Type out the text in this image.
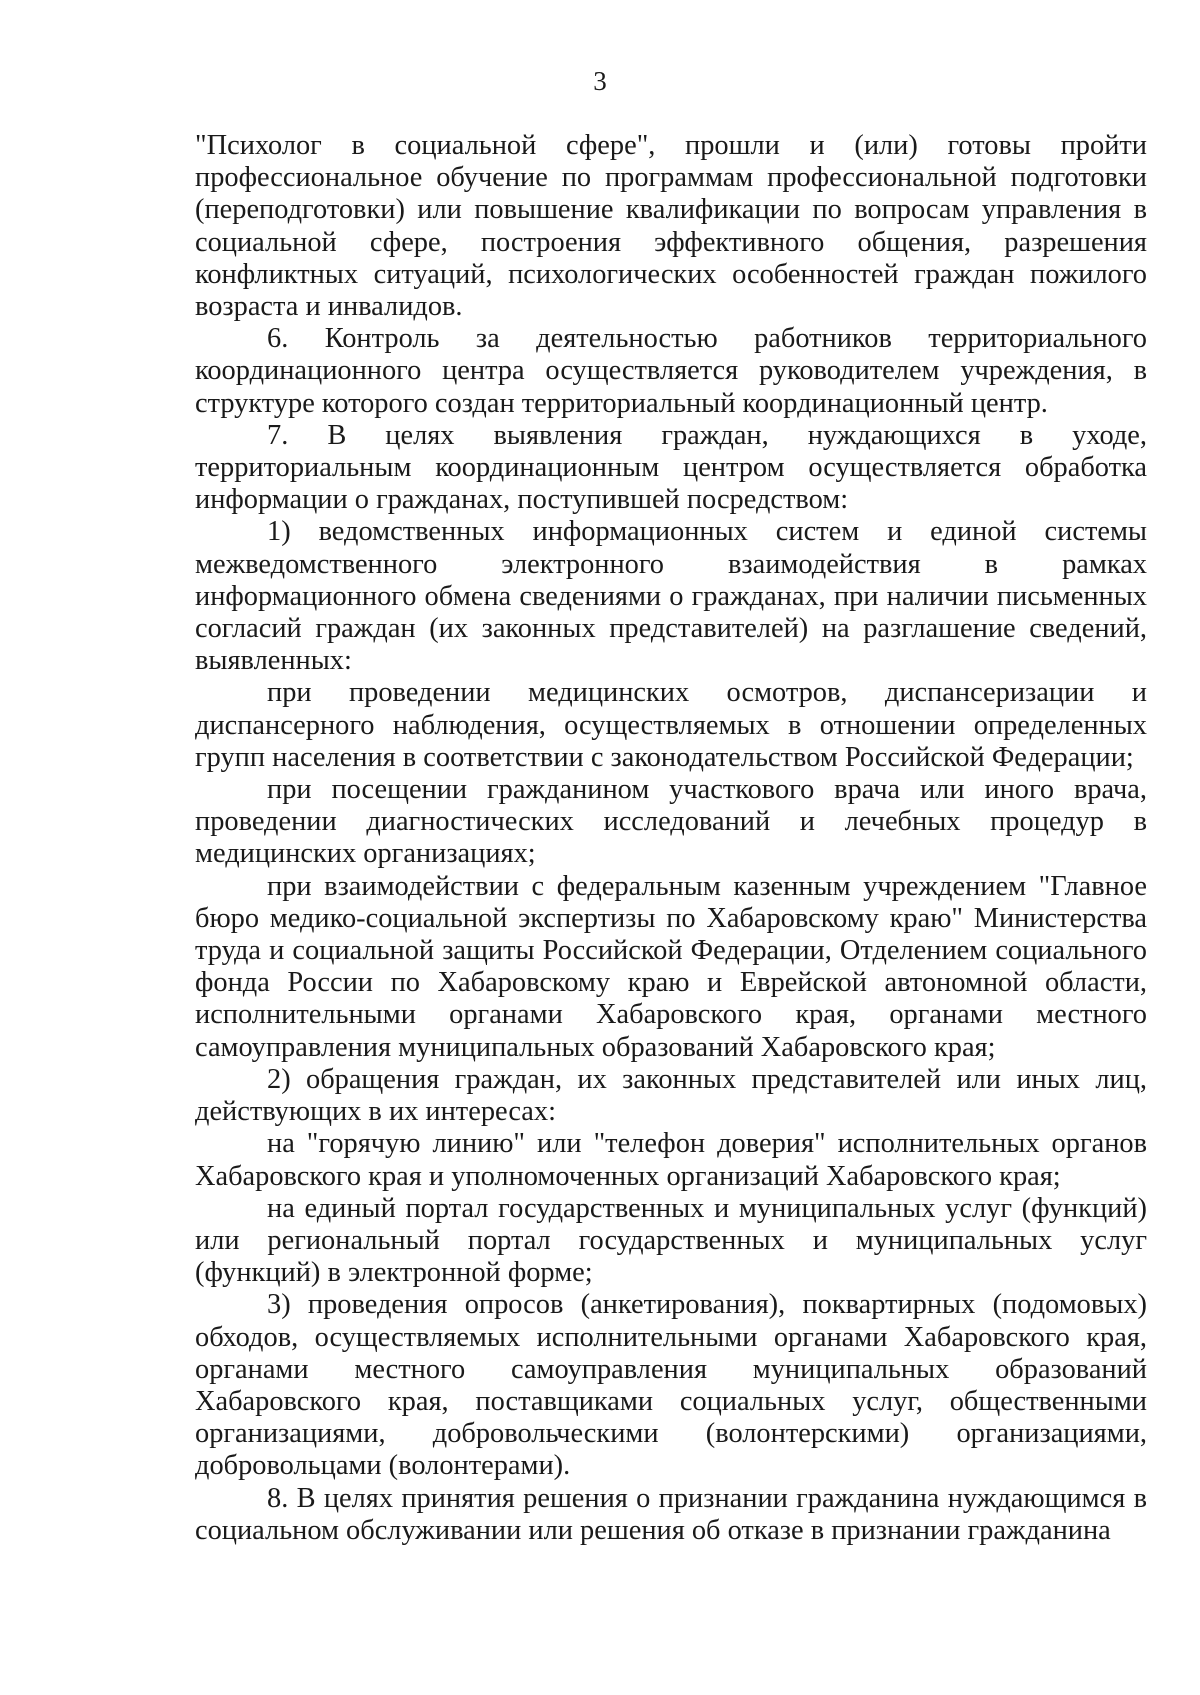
3

"Психолог в социальной сфере", прошли и (или) готовы пройти профессиональное обучение по программам профессиональной подготовки (переподготовки) или повышение квалификации по вопросам управления в социальной сфере, построения эффективного общения, разрешения конфликтных ситуаций, психологических особенностей граждан пожилого возраста и инвалидов.

6. Контроль за деятельностью работников территориального координационного центра осуществляется руководителем учреждения, в структуре которого создан территориальный координационный центр.

7. В целях выявления граждан, нуждающихся в уходе, территориальным координационным центром осуществляется обработка информации о гражданах, поступившей посредством:

1) ведомственных информационных систем и единой системы межведомственного электронного взаимодействия в рамках информационного обмена сведениями о гражданах, при наличии письменных согласий граждан (их законных представителей) на разглашение сведений, выявленных:

при проведении медицинских осмотров, диспансеризации и диспансерного наблюдения, осуществляемых в отношении определенных групп населения в соответствии с законодательством Российской Федерации;

при посещении гражданином участкового врача или иного врача, проведении диагностических исследований и лечебных процедур в медицинских организациях;

при взаимодействии с федеральным казенным учреждением "Главное бюро медико-социальной экспертизы по Хабаровскому краю" Министерства труда и социальной защиты Российской Федерации, Отделением социального фонда России по Хабаровскому краю и Еврейской автономной области, исполнительными органами Хабаровского края, органами местного самоуправления муниципальных образований Хабаровского края;

2) обращения граждан, их законных представителей или иных лиц, действующих в их интересах:

на "горячую линию" или "телефон доверия" исполнительных органов Хабаровского края и уполномоченных организаций Хабаровского края;

на единый портал государственных и муниципальных услуг (функций) или региональный портал государственных и муниципальных услуг (функций) в электронной форме;

3) проведения опросов (анкетирования), поквартирных (подомовых) обходов, осуществляемых исполнительными органами Хабаровского края, органами местного самоуправления муниципальных образований Хабаровского края, поставщиками социальных услуг, общественными организациями, добровольческими (волонтерскими) организациями, добровольцами (волонтерами).

8. В целях принятия решения о признании гражданина нуждающимся в социальном обслуживании или решения об отказе в признании гражданина
